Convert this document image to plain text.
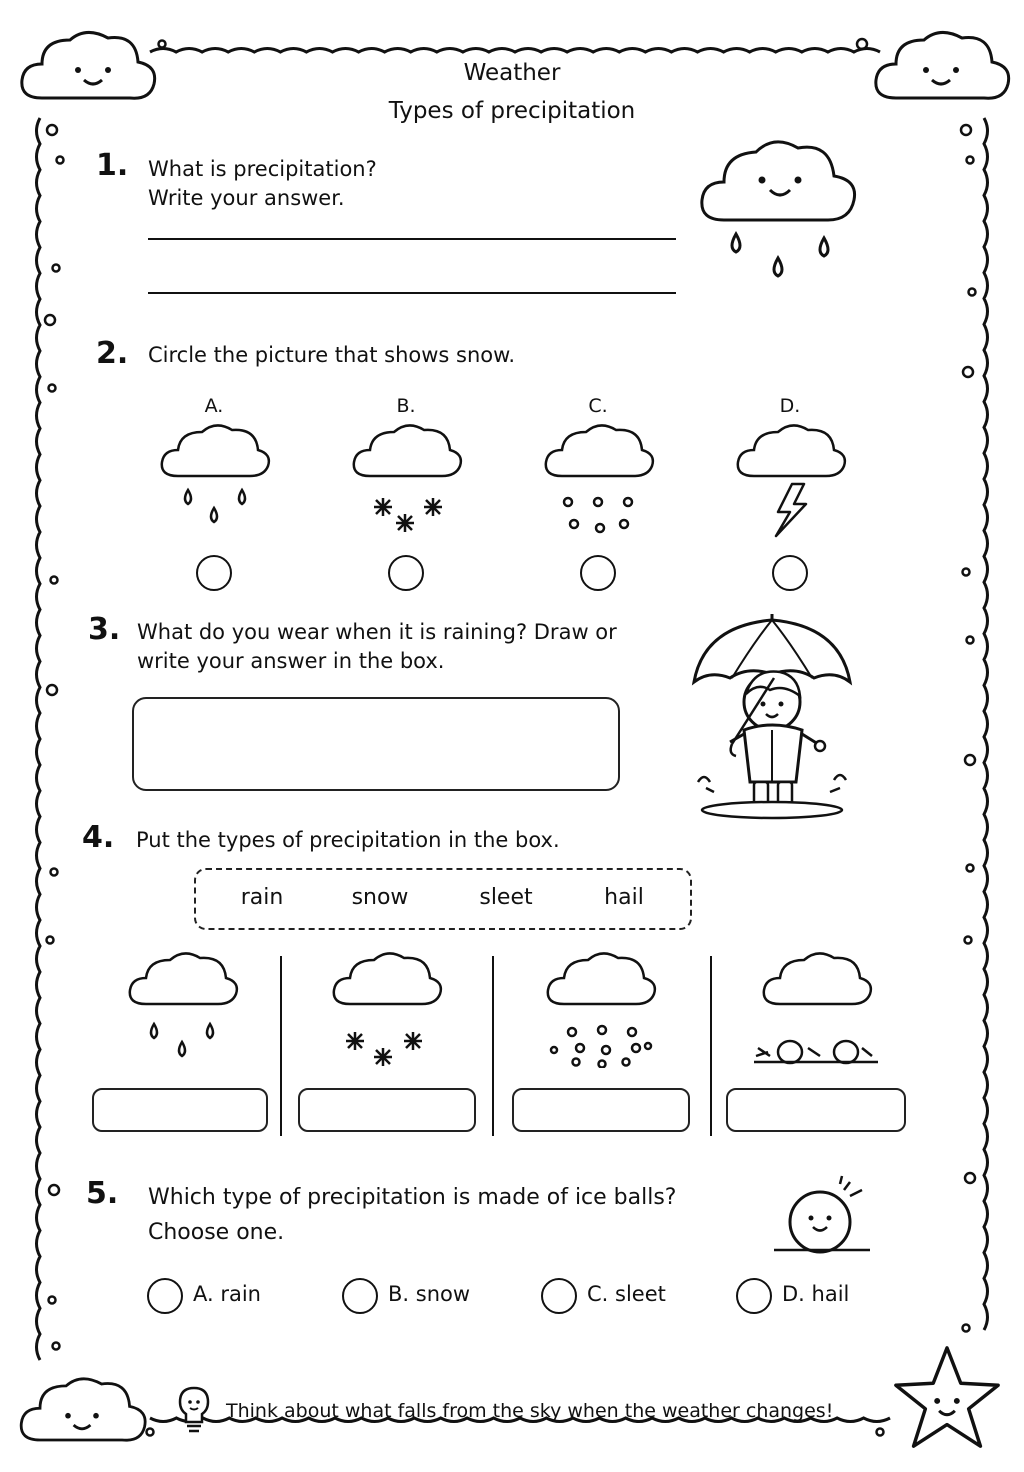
Weather
Types of precipitation
1. What is precipitation?
Write your answer.
2. Circle the picture that shows snow.
A.	B.	C.	D.
3. What do you wear when it is raining? Draw or
write your answer in the box.
4. Put the types of precipitation in the box.
rain	snow	sleet	hail
5. Which type of precipitation is made of ice balls?
Choose one.
A. rain	B. snow	C. sleet	D. hail
Think about what falls from the sky when the weather changes!
